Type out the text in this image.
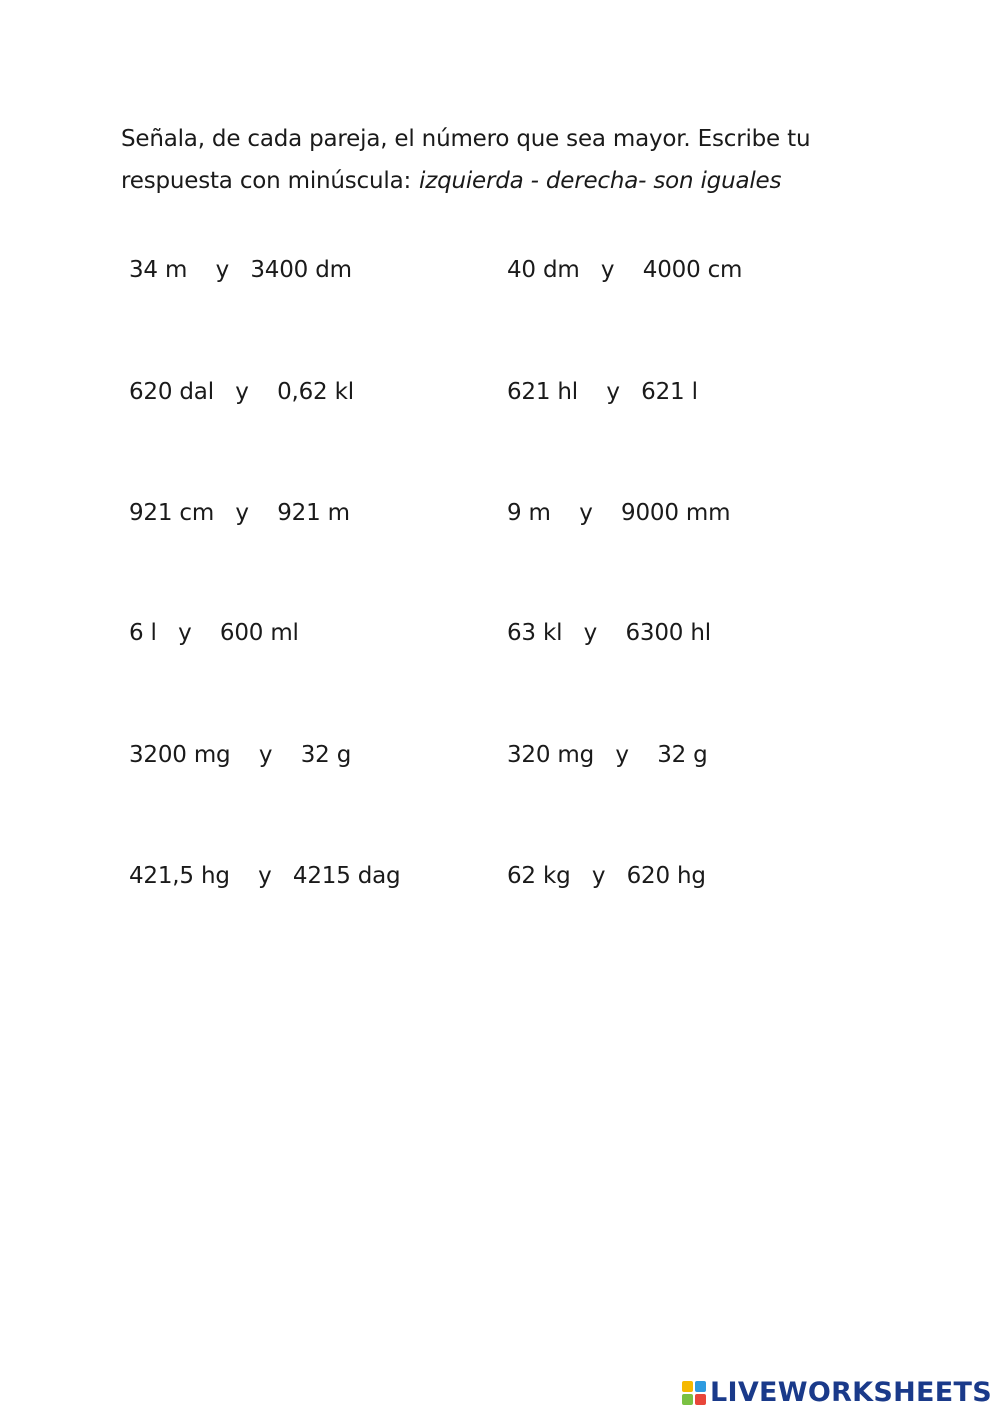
Señala, de cada pareja, el número que sea mayor. Escribe tu
respuesta con minúscula: izquierda - derecha- son iguales
34 m    y   3400 dm
620 dal   y    0,62 kl
921 cm   y    921 m
6 l   y    600 ml
3200 mg    y    32 g
421,5 hg    y   4215 dag
40 dm   y    4000 cm
621 hl    y   621 l
9 m    y    9000 mm
63 kl   y    6300 hl
320 mg   y    32 g
62 kg   y   620 hg
LIVEWORKSHEETS
